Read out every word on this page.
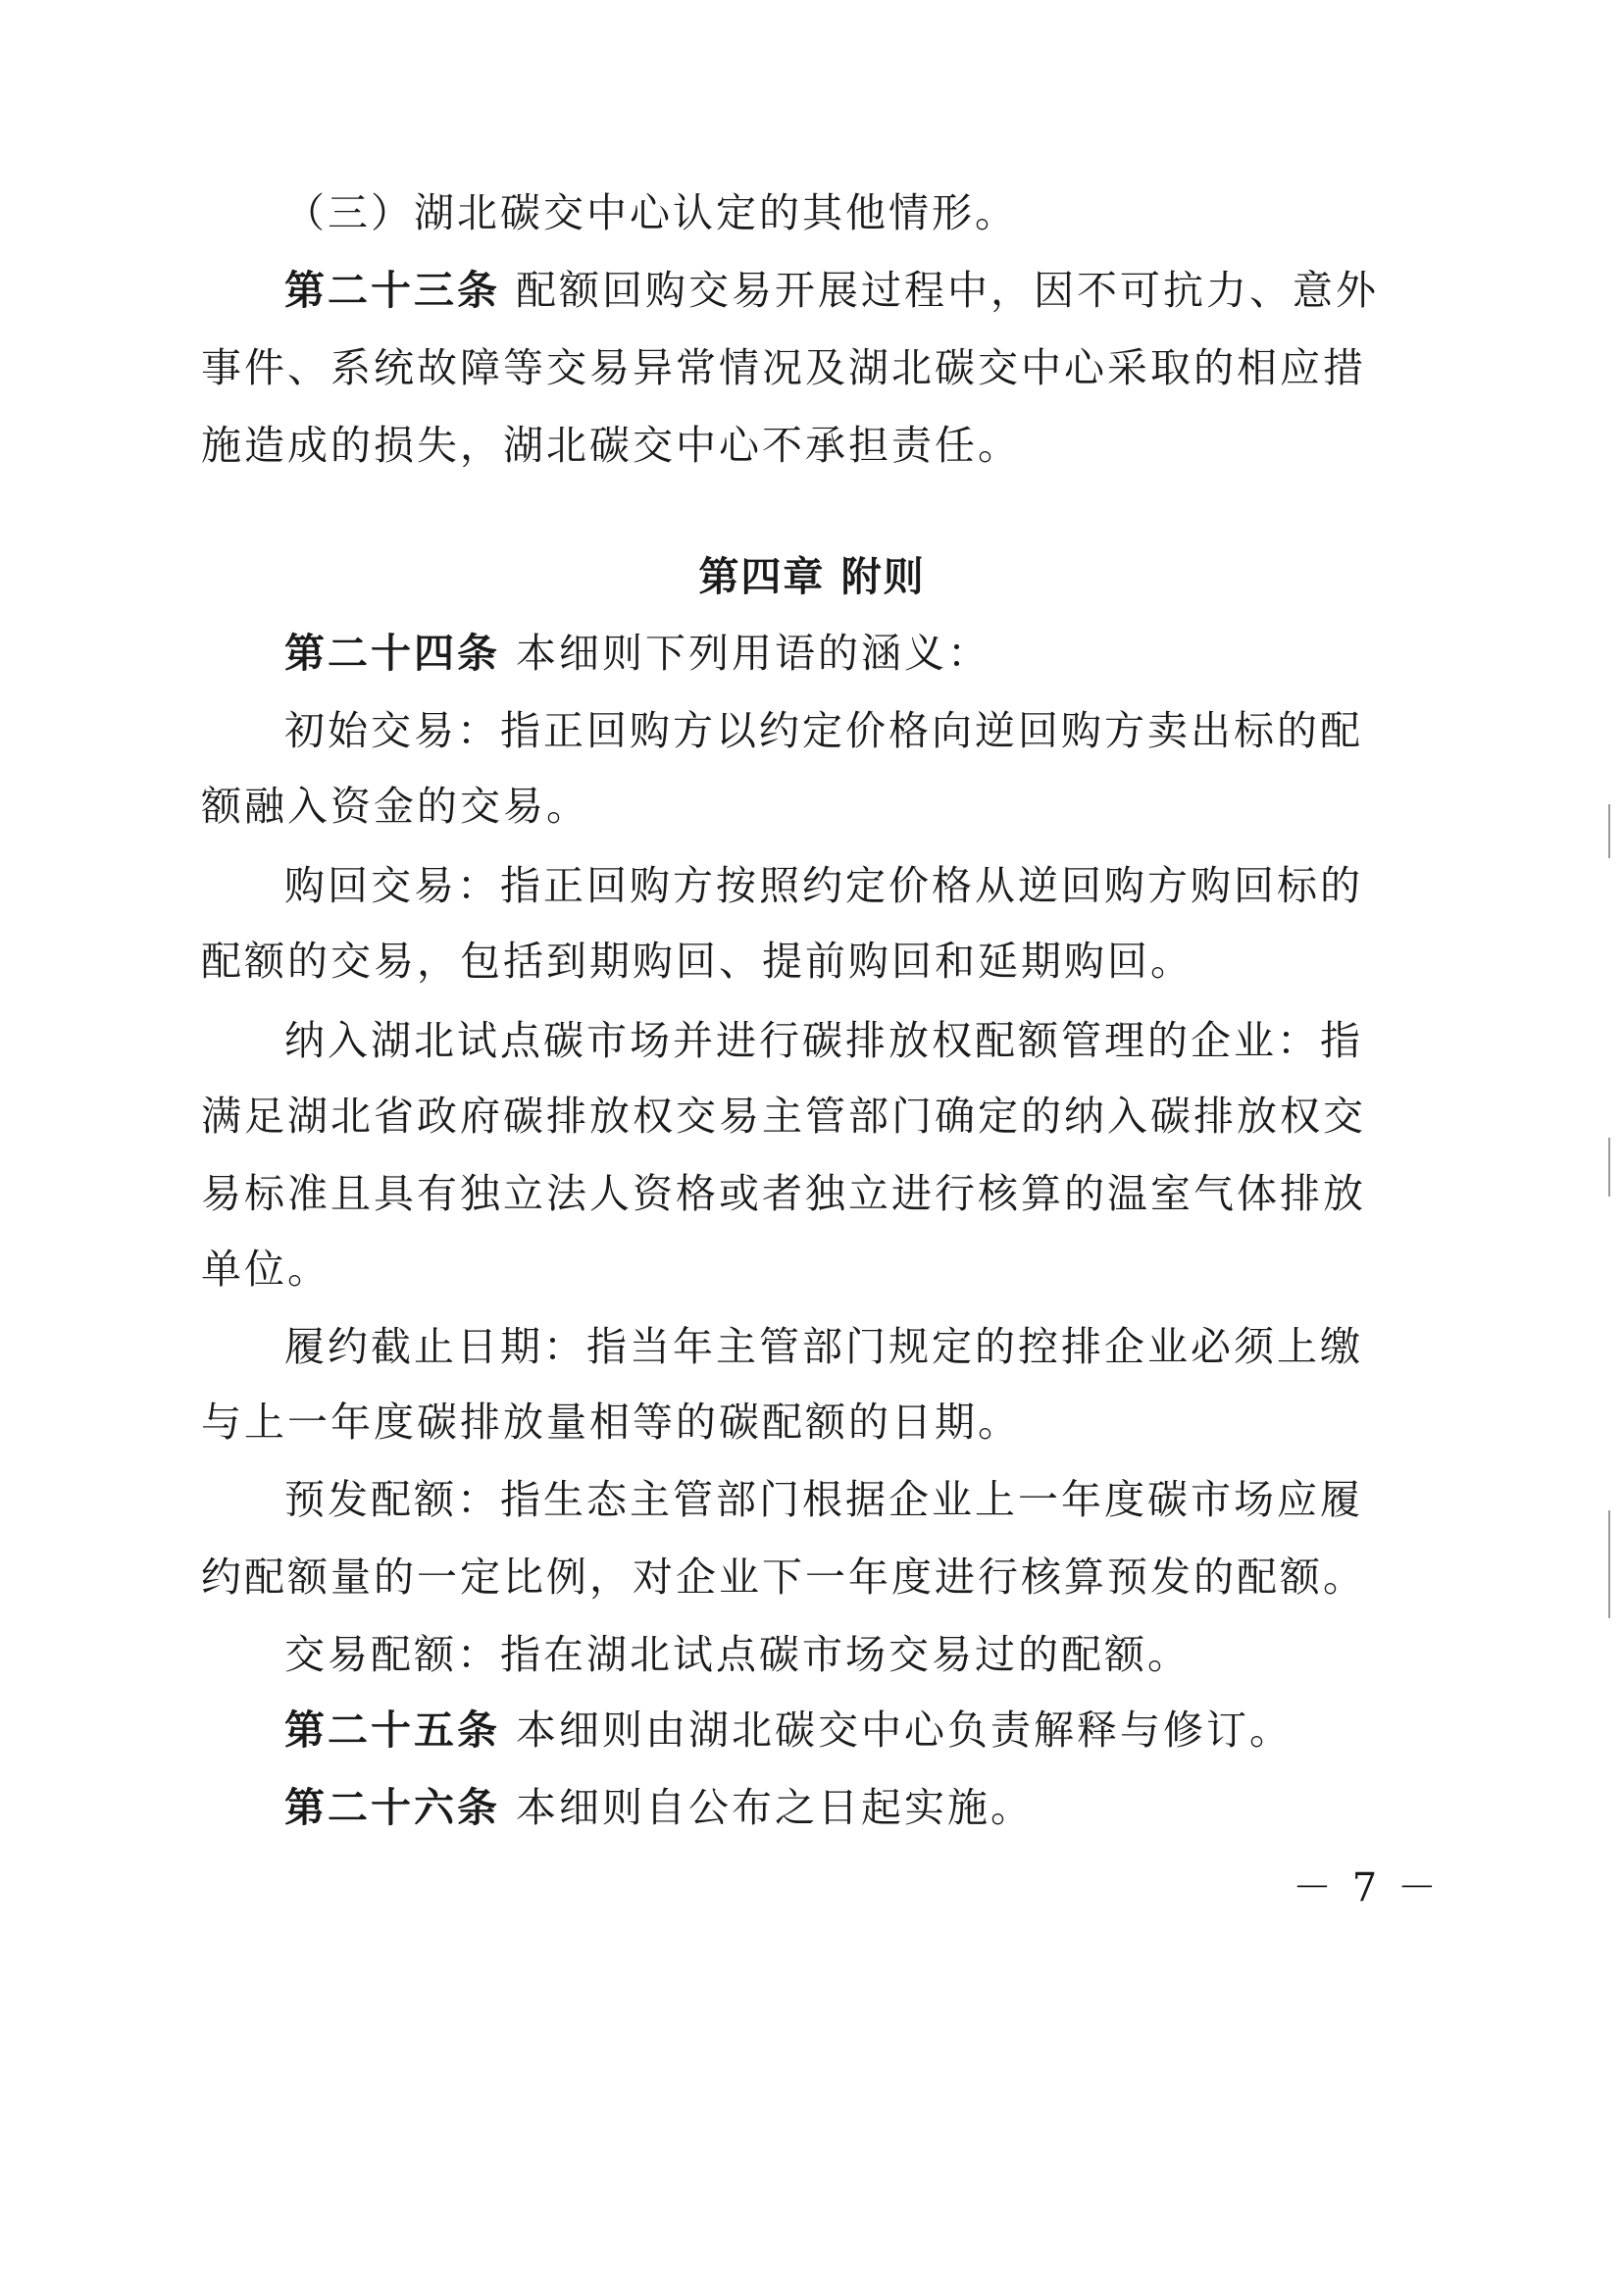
（三）湖北碳交中心认定的其他情形。
第二十三条 配额回购交易开展过程中，因不可抗力、意外
事件、系统故障等交易异常情况及湖北碳交中心采取的相应措
施造成的损失，湖北碳交中心不承担责任。
第四章 附则
第二十四条 本细则下列用语的涵义：
初始交易：指正回购方以约定价格向逆回购方卖出标的配
额融入资金的交易。
购回交易：指正回购方按照约定价格从逆回购方购回标的
配额的交易，包括到期购回、提前购回和延期购回。
纳入湖北试点碳市场并进行碳排放权配额管理的企业：指
满足湖北省政府碳排放权交易主管部门确定的纳入碳排放权交
易标准且具有独立法人资格或者独立进行核算的温室气体排放
单位。
履约截止日期：指当年主管部门规定的控排企业必须上缴
与上一年度碳排放量相等的碳配额的日期。
预发配额：指生态主管部门根据企业上一年度碳市场应履
约配额量的一定比例，对企业下一年度进行核算预发的配额。
交易配额：指在湖北试点碳市场交易过的配额。
第二十五条 本细则由湖北碳交中心负责解释与修订。
第二十六条 本细则自公布之日起实施。
－ 7 －
